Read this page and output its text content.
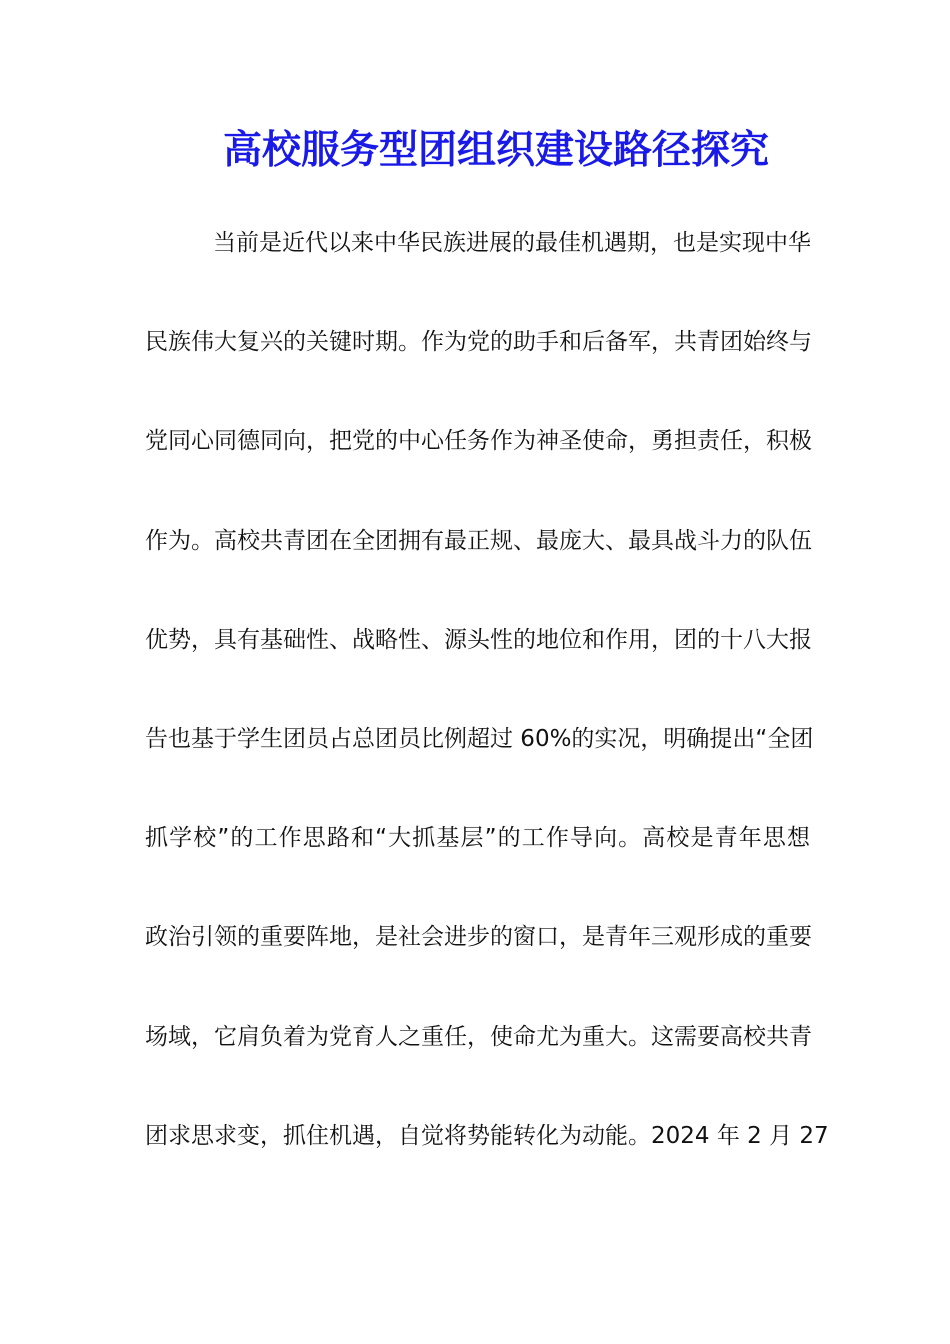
高校服务型团组织建设路径探究
当前是近代以来中华民族进展的最佳机遇期，也是实现中华
民族伟大复兴的关键时期。作为党的助手和后备军，共青团始终与
党同心同德同向，把党的中心任务作为神圣使命，勇担责任，积极
作为。高校共青团在全团拥有最正规、最庞大、最具战斗力的队伍
优势，具有基础性、战略性、源头性的地位和作用，团的十八大报
告也基于学生团员占总团员比例超过 60%的实况，明确提出“全团
抓学校”的工作思路和“大抓基层”的工作导向。高校是青年思想
政治引领的重要阵地，是社会进步的窗口，是青年三观形成的重要
场域，它肩负着为党育人之重任，使命尤为重大。这需要高校共青
团求思求变，抓住机遇，自觉将势能转化为动能。2024 年 2 月 27
